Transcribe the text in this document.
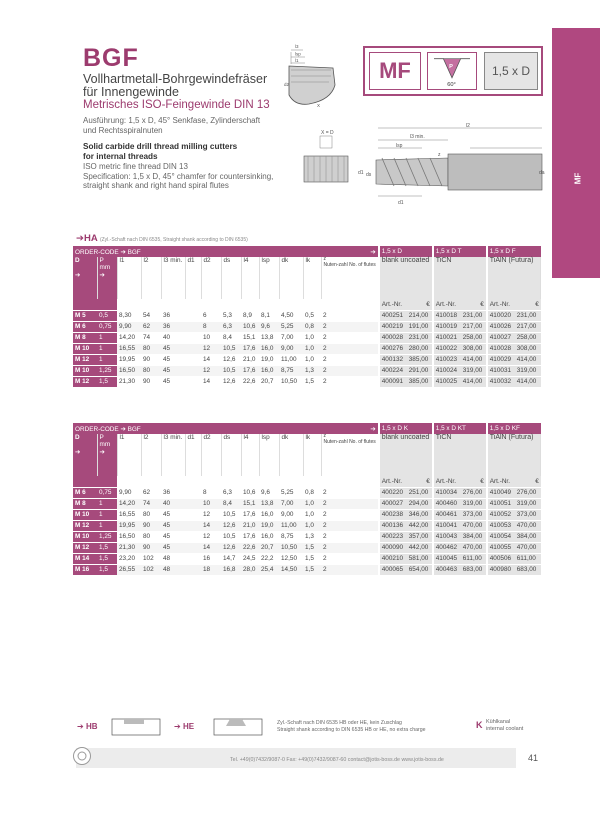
BGF
Vollhartmetall-Bohrgewindefräser
für Innengewinde
Metrisches ISO-Feingewinde DIN 13
Ausführung: 1,5 x D, 45° Senkfase, Zylinderschaft
und Rechtsspiralnuten
Solid carbide drill thread milling cutters
for internal threads
ISO metric fine thread DIN 13
Specification: 1,5 x D, 45° chamfer for countersinking,
straight shank and right hand spiral flutes
l3
lsp
l1
d2
X
MF	P
60°
1,5 x D
MF
X = D
l2
l3 min.
lsp
d1 ds	da
d1
z
➔HA (Zyl.-Schaft nach DIN 6535, Straight shank according to DIN 6535)
ORDER-CODE ➔ BGF												➔	1,5 x D		1,5 x D T		1,5 x D F	
D

➔	P
mm
➔	l1	l2	l3 min.	d1	d2	ds	l4	lsp	dk	lk	z
Nuten-zahl No. of flutes	blank uncoated		TiCN		TiAlN (Futura)	
													Art.-Nr.	€	Art.-Nr.	€	Art.-Nr.	€
M 5	0,5	8,30	54	36		6	5,3	8,9	8,1	4,50	0,5	2	400251	214,00	410018	231,00	410020	231,00
M 6	0,75	9,90	62	36		8	6,3	10,6	9,6	5,25	0,8	2	400219	191,00	410019	217,00	410026	217,00
M 8	1	14,20	74	40		10	8,4	15,1	13,8	7,00	1,0	2	400028	231,00	410021	258,00	410027	258,00
M 10	1	16,55	80	45		12	10,5	17,6	16,0	9,00	1,0	2	400276	280,00	410022	308,00	410028	308,00
M 12	1	19,95	90	45		14	12,6	21,0	19,0	11,00	1,0	2	400132	385,00	410023	414,00	410029	414,00
M 10	1,25	16,50	80	45		12	10,5	17,6	16,0	8,75	1,3	2	400224	291,00	410024	319,00	410031	319,00
M 12	1,5	21,30	90	45		14	12,6	22,6	20,7	10,50	1,5	2	400091	385,00	410025	414,00	410032	414,00
ORDER-CODE ➔ BGF												➔	1,5 x D K		1,5 x D KT		1,5 x D KF	
D

➔	P
mm
➔	l1	l2	l3 min.	d1	d2	ds	l4	lsp	dk	lk	z
Nuten-zahl No. of flutes	blank uncoated		TiCN		TiAlN (Futura)	
													Art.-Nr.	€	Art.-Nr.	€	Art.-Nr.	€
M 6	0,75	9,90	62	36		8	6,3	10,6	9,6	5,25	0,8	2	400220	251,00	410034	276,00	410049	276,00
M 8	1	14,20	74	40		10	8,4	15,1	13,8	7,00	1,0	2	400027	294,00	400460	319,00	410051	319,00
M 10	1	16,55	80	45		12	10,5	17,6	16,0	9,00	1,0	2	400238	346,00	400461	373,00	410052	373,00
M 12	1	19,95	90	45		14	12,6	21,0	19,0	11,00	1,0	2	400136	442,00	410041	470,00	410053	470,00
M 10	1,25	16,50	80	45		12	10,5	17,6	16,0	8,75	1,3	2	400223	357,00	410043	384,00	410054	384,00
M 12	1,5	21,30	90	45		14	12,6	22,6	20,7	10,50	1,5	2	400090	442,00	400462	470,00	410055	470,00
M 14	1,5	23,20	102	48		16	14,7	24,5	22,2	12,50	1,5	2	400210	581,00	410045	611,00	400506	611,00
M 16	1,5	26,55	102	48		18	16,8	28,0	25,4	14,50	1,5	2	400065	654,00	400463	683,00	400980	683,00
➔ HB	➔ HE	Zyl.-Schaft nach DIN 6535 HB oder HE, kein Zuschlag
Straight shank according to DIN 6535 HB or HE, no extra charge	K Kühlkanal
internal coolant
Tel. +49(0)7432/9087-0 Fax: +49(0)7432/9087-60 contact@jotis-boss.de www.jotis-boss.de	41
